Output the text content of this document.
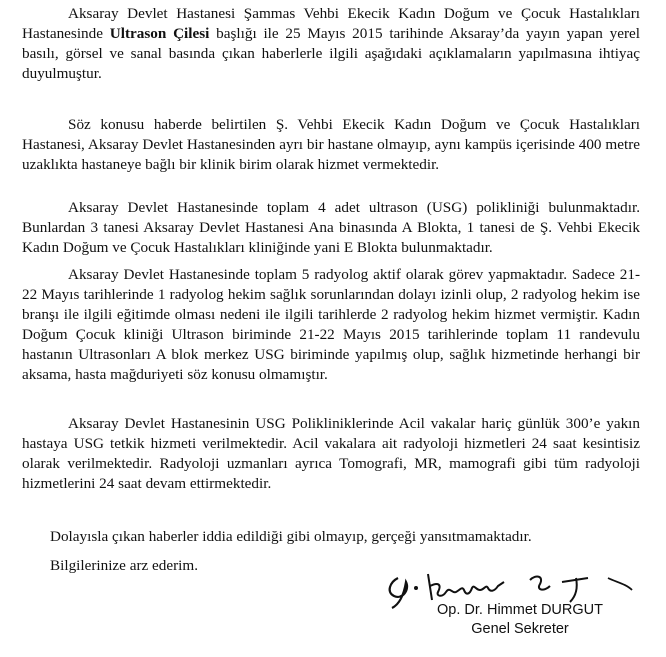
Aksaray Devlet Hastanesi Şammas Vehbi Ekecik Kadın Doğum ve Çocuk Hastalıkları Hastanesinde Ultrason Çilesi başlığı ile 25 Mayıs 2015 tarihinde Aksaray’da yayın yapan yerel basılı, görsel ve sanal basında çıkan haberlerle ilgili aşağıdaki açıklamaların yapılmasına ihtiyaç duyulmuştur.

Söz konusu haberde belirtilen Ş. Vehbi Ekecik Kadın Doğum ve Çocuk Hastalıkları Hastanesi, Aksaray Devlet Hastanesinden ayrı bir hastane olmayıp, aynı kampüs içerisinde 400 metre uzaklıkta hastaneye bağlı bir klinik birim olarak hizmet vermektedir.

Aksaray Devlet Hastanesinde toplam 4 adet ultrason (USG) polikliniği bulunmaktadır. Bunlardan 3 tanesi Aksaray Devlet Hastanesi Ana binasında A Blokta, 1 tanesi de Ş. Vehbi Ekecik Kadın Doğum ve Çocuk Hastalıkları kliniğinde yani E Blokta bulunmaktadır.

Aksaray Devlet Hastanesinde toplam 5 radyolog aktif olarak görev yapmaktadır. Sadece 21-22 Mayıs tarihlerinde 1 radyolog hekim sağlık sorunlarından dolayı izinli olup, 2 radyolog hekim ise branşı ile ilgili eğitimde olması nedeni ile ilgili tarihlerde 2 radyolog hekim hizmet vermiştir. Kadın Doğum Çocuk kliniği Ultrason biriminde 21-22 Mayıs 2015 tarihlerinde toplam 11 randevulu hastanın Ultrasonları A blok merkez USG biriminde yapılmış olup, sağlık hizmetinde herhangi bir aksama, hasta mağduriyeti söz konusu olmamıştır.

Aksaray Devlet Hastanesinin USG Polikliniklerinde Acil vakalar hariç günlük 300’e yakın hastaya USG tetkik hizmeti verilmektedir. Acil vakalara ait radyoloji hizmetleri 24 saat kesintisiz olarak verilmektedir. Radyoloji uzmanları ayrıca Tomografi, MR, mamografi gibi tüm radyoloji hizmetlerini 24 saat devam ettirmektedir.

Dolayısla çıkan haberler iddia edildiği gibi olmayıp, gerçeği yansıtmamaktadır.

Bilgilerinize arz ederim.

Op. Dr. Himmet DURGUT

Genel Sekreter
